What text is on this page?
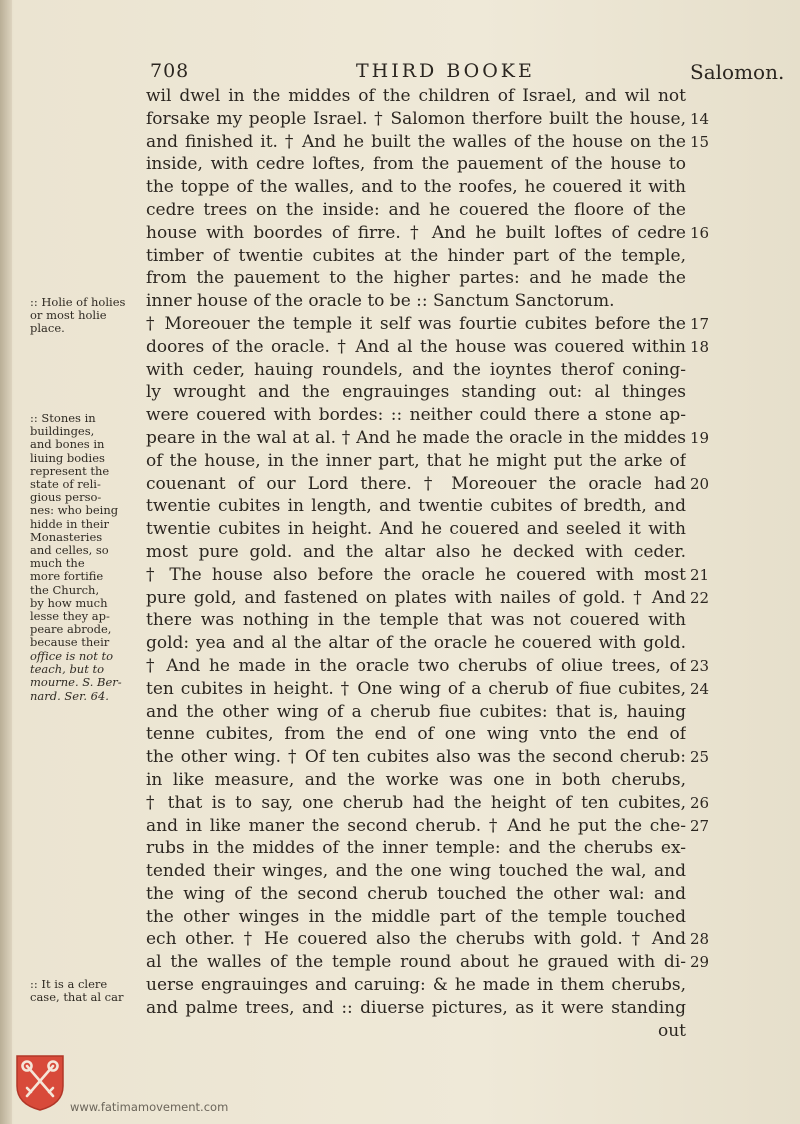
708	THIRD BOOKE	Salomon.
wil dwel in the middes of the children of Israel, and wil not
forsake my people Israel. † Salomon therfore built the house,
and finished it. † And he built the walles of the house on the
inside, with cedre loftes, from the pauement of the house to
the toppe of the walles, and to the roofes, he couered it with
cedre trees on the inside: and he couered the floore of the
house with boordes of firre. † And he built loftes of cedre
timber of twentie cubites at the hinder part of the temple,
from the pauement to the higher partes: and he made the
inner house of the oracle to be :: Sanctum Sanctorum.
† Moreouer the temple it self was fourtie cubites before the
doores of the oracle. † And al the house was couered within
with ceder, hauing roundels, and the ioyntes therof coning-
ly wrought and the engrauinges standing out: al thinges
were couered with bordes: :: neither could there a stone ap-
peare in the wal at al. † And he made the oracle in the middes
of the house, in the inner part, that he might put the arke of
couenant of our Lord there. † Moreouer the oracle had
twentie cubites in length, and twentie cubites of bredth, and
twentie cubites in height. And he couered and seeled it with
most pure gold. and the altar also he decked with ceder.
† The house also before the oracle he couered with most
pure gold, and fastened on plates with nailes of gold. † And
there was nothing in the temple that was not couered with
gold: yea and al the altar of the oracle he couered with gold.
† And he made in the oracle two cherubs of oliue trees, of
ten cubites in height. † One wing of a cherub of fiue cubites,
and the other wing of a cherub fiue cubites: that is, hauing
tenne cubites, from the end of one wing vnto the end of
the other wing. † Of ten cubites also was the second cherub:
in like measure, and the worke was one in both cherubs,
† that is to say, one cherub had the height of ten cubites,
and in like maner the second cherub. † And he put the che-
rubs in the middes of the inner temple: and the cherubs ex-
tended their winges, and the one wing touched the wal, and
the wing of the second cherub touched the other wal: and
the other winges in the middle part of the temple touched
ech other. † He couered also the cherubs with gold. † And
al the walles of the temple round about he graued with di-
uerse engrauinges and caruing: & he made in them cherubs,
and palme trees, and :: diuerse pictures, as it were standing
out
14
15
16
17
18
19
20
21
22
23
24
25
26
27
28 29
:: Holie of holies
or most holie
place.
:: Stones in
buildinges,
and bones in
liuing bodies
represent the
state of reli-
gious perso-
nes: who being
hidde in their
Monasteries
and celles, so
much the
more fortifie
the Church,
by how much
lesse they ap-
peare abrode,
because their
office is not to
teach, but to
mourne. S. Ber-
nard. Ser. 64.
:: It is a clere
case, that al car
www.fatimamovement.com
